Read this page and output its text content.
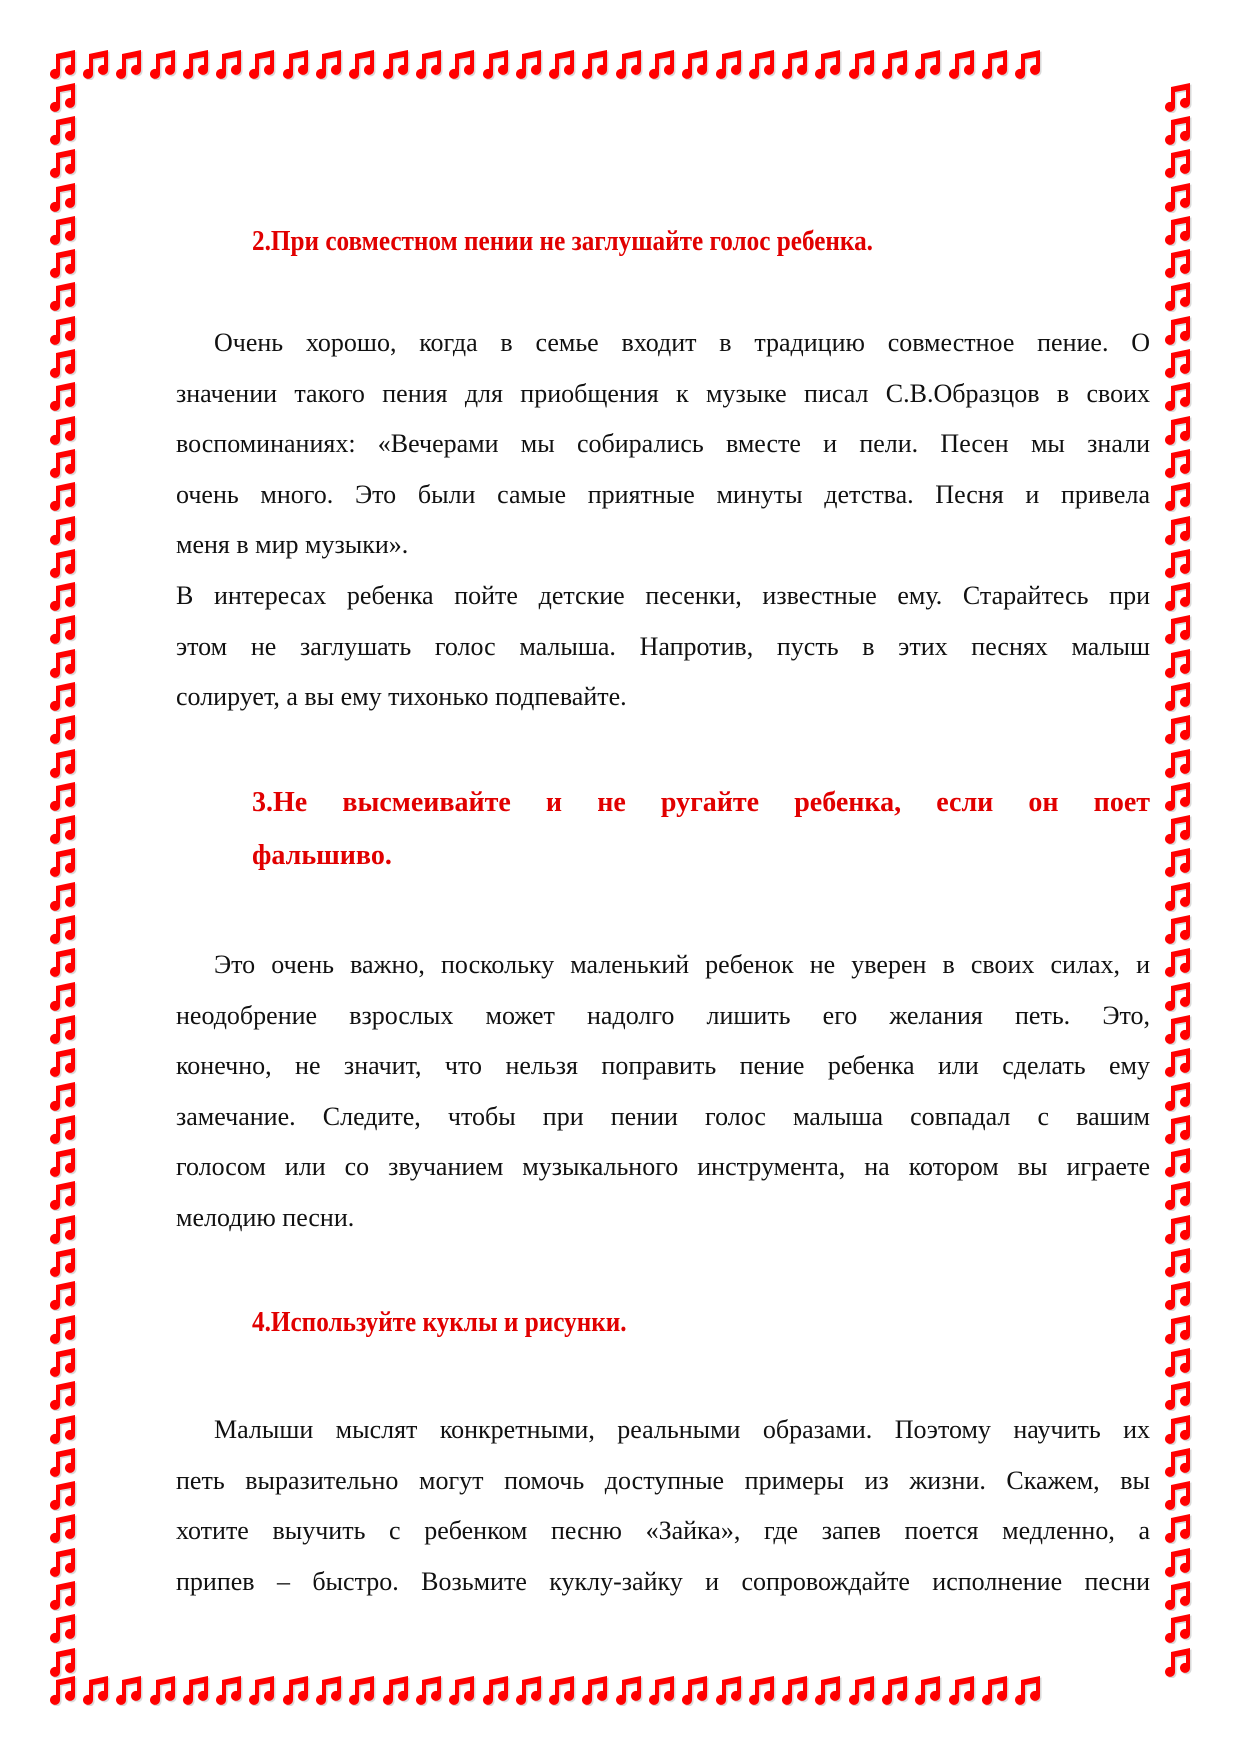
2.При совместном пении не заглушайте голос ребенка.
Очень хорошо, когда в семье входит в традицию совместное пение. О
значении такого пения для приобщения к музыке писал С.В.Образцов в своих
воспоминаниях: «Вечерами мы собирались вместе и пели. Песен мы знали
очень много. Это были самые приятные минуты детства. Песня и привела
меня в мир музыки».
В интересах ребенка пойте детские песенки, известные ему. Старайтесь при
этом не заглушать голос малыша. Напротив, пусть в этих песнях малыш
солирует, а вы ему тихонько подпевайте.
3.Не высмеивайте и не ругайте ребенка, если он поет
фальшиво.
Это очень важно, поскольку маленький ребенок не уверен в своих силах, и
неодобрение взрослых может надолго лишить его желания петь. Это,
конечно, не значит, что нельзя поправить пение ребенка или сделать ему
замечание. Следите, чтобы при пении голос малыша совпадал с вашим
голосом или со звучанием музыкального инструмента, на котором вы играете
мелодию песни.
4.Используйте куклы и рисунки.
Малыши мыслят конкретными, реальными образами. Поэтому научить их
петь выразительно могут помочь доступные примеры из жизни. Скажем, вы
хотите выучить с ребенком песню «Зайка», где запев поется медленно, а
припев – быстро. Возьмите куклу-зайку и сопровождайте исполнение песни
